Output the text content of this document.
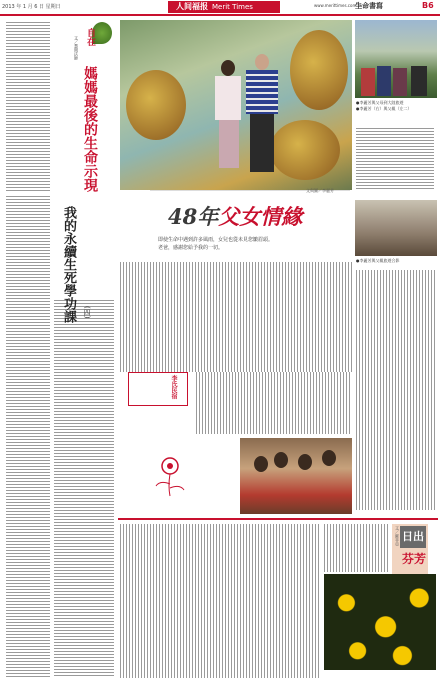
2013 年 1 月 6 日 星期日	人间福报 Merit Times	www.merittimes.com.tw
生命書寫	B6
自在
文／慧開法師
媽媽最後的生命示現
我的永續生死學功課 (四)
●李麗芳與父母到大陸旅遊
●李麗芳（右）與父親（左二）
48年父女情緣
文與圖／李麗芳
即使生命中遇到許多風雨，女兒也從未見您皺眉頭。
老爸，感謝您給予我的一切。
●李麗芳與父親旅遊合影
李氏民宿
日出
芬芳
文／蘇菲亞
